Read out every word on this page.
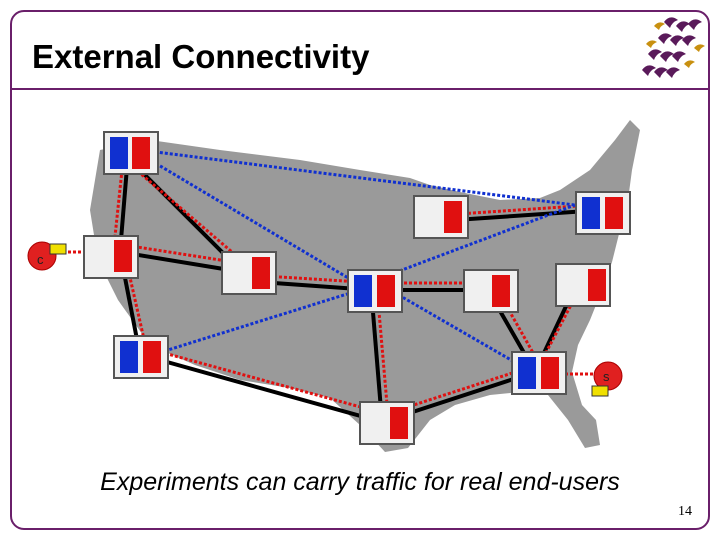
External Connectivity
c
s
Experiments can carry traffic for real end-users
14
